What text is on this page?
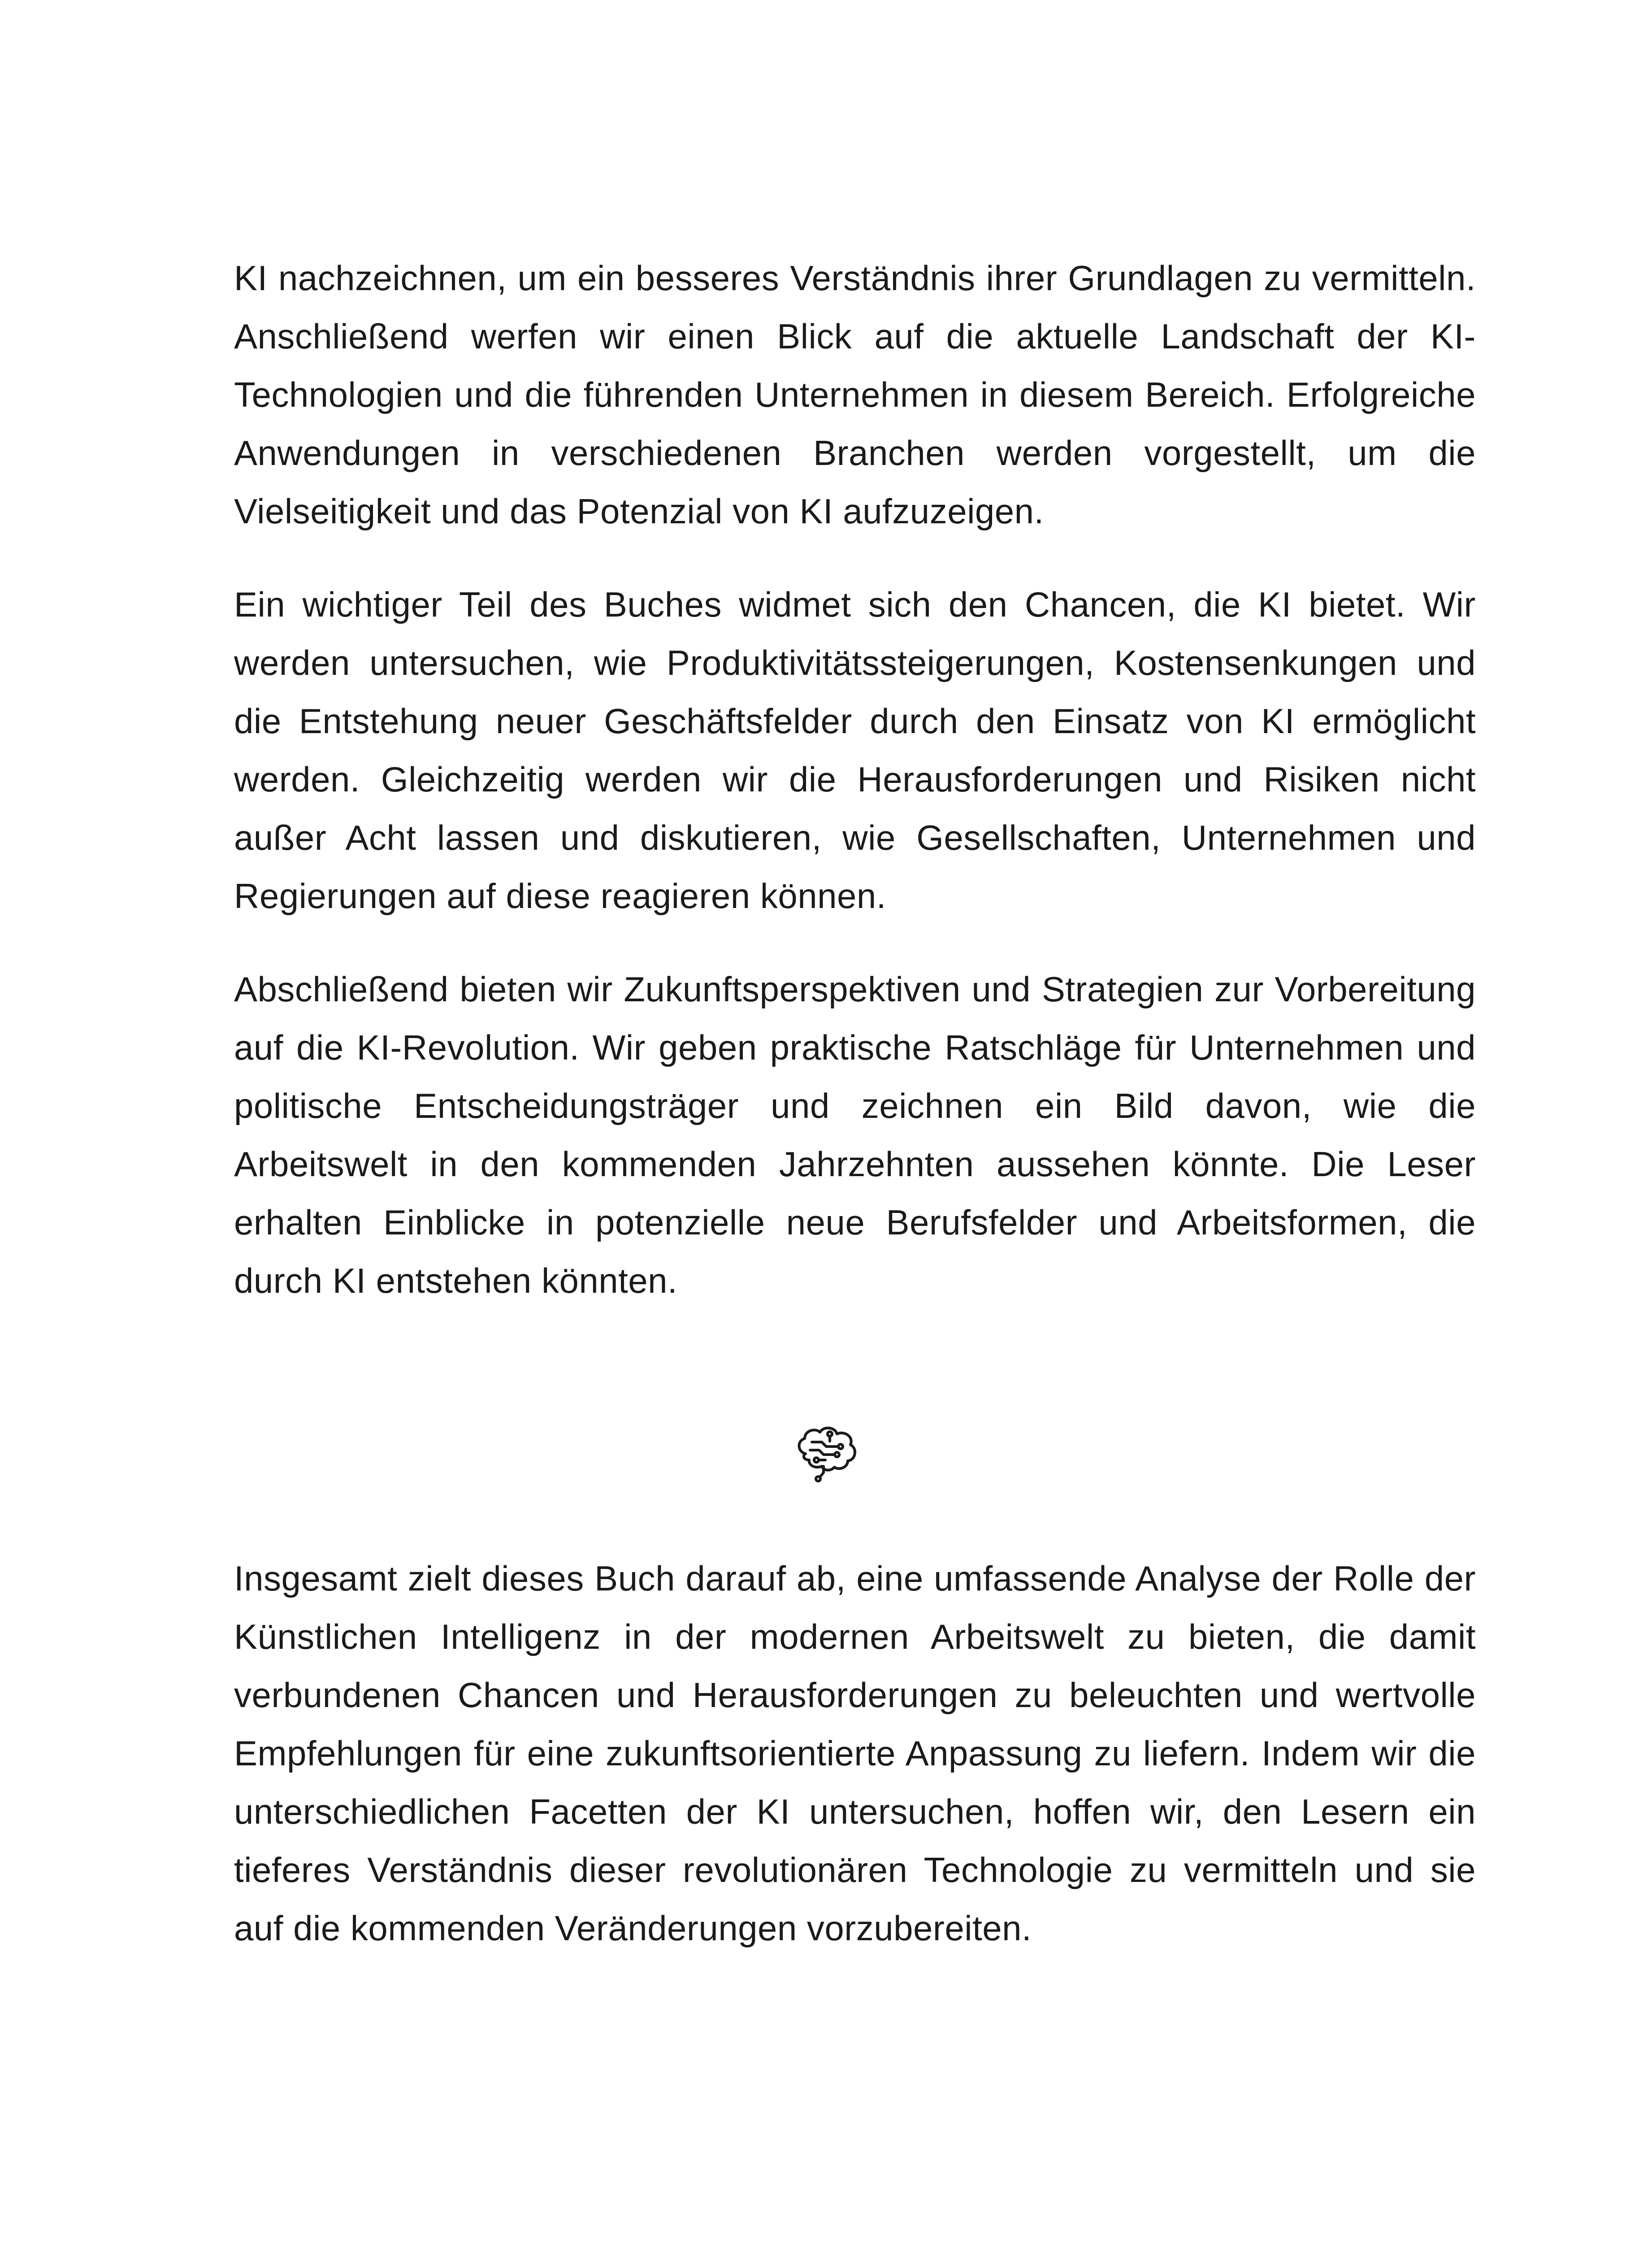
KI nachzeichnen, um ein besseres Verständnis ihrer Grundlagen zu vermitteln. Anschließend werfen wir einen Blick auf die aktuelle Landschaft der KI-Technologien und die führenden Unternehmen in diesem Bereich. Erfolgreiche Anwendungen in verschiedenen Branchen werden vorgestellt, um die Vielseitigkeit und das Potenzial von KI aufzuzeigen.

Ein wichtiger Teil des Buches widmet sich den Chancen, die KI bietet. Wir werden untersuchen, wie Produktivitätssteigerungen, Kostensenkungen und die Entstehung neuer Geschäftsfelder durch den Einsatz von KI ermöglicht werden. Gleichzeitig werden wir die Herausforderungen und Risiken nicht außer Acht lassen und diskutieren, wie Gesellschaften, Unternehmen und Regierungen auf diese reagieren können.

Abschließend bieten wir Zukunftsperspektiven und Strategien zur Vorbereitung auf die KI-Revolution. Wir geben praktische Ratschläge für Unternehmen und politische Entscheidungsträger und zeichnen ein Bild davon, wie die Arbeitswelt in den kommenden Jahrzehnten aussehen könnte. Die Leser erhalten Einblicke in potenzielle neue Berufsfelder und Arbeitsformen, die durch KI entstehen könnten.

Insgesamt zielt dieses Buch darauf ab, eine umfassende Analyse der Rolle der Künstlichen Intelligenz in der modernen Arbeitswelt zu bieten, die damit verbundenen Chancen und Herausforderungen zu beleuchten und wertvolle Empfehlungen für eine zukunftsorientierte Anpassung zu liefern. Indem wir die unterschiedlichen Facetten der KI untersuchen, hoffen wir, den Lesern ein tieferes Verständnis dieser revolutionären Technologie zu vermitteln und sie auf die kommenden Veränderungen vorzubereiten.
